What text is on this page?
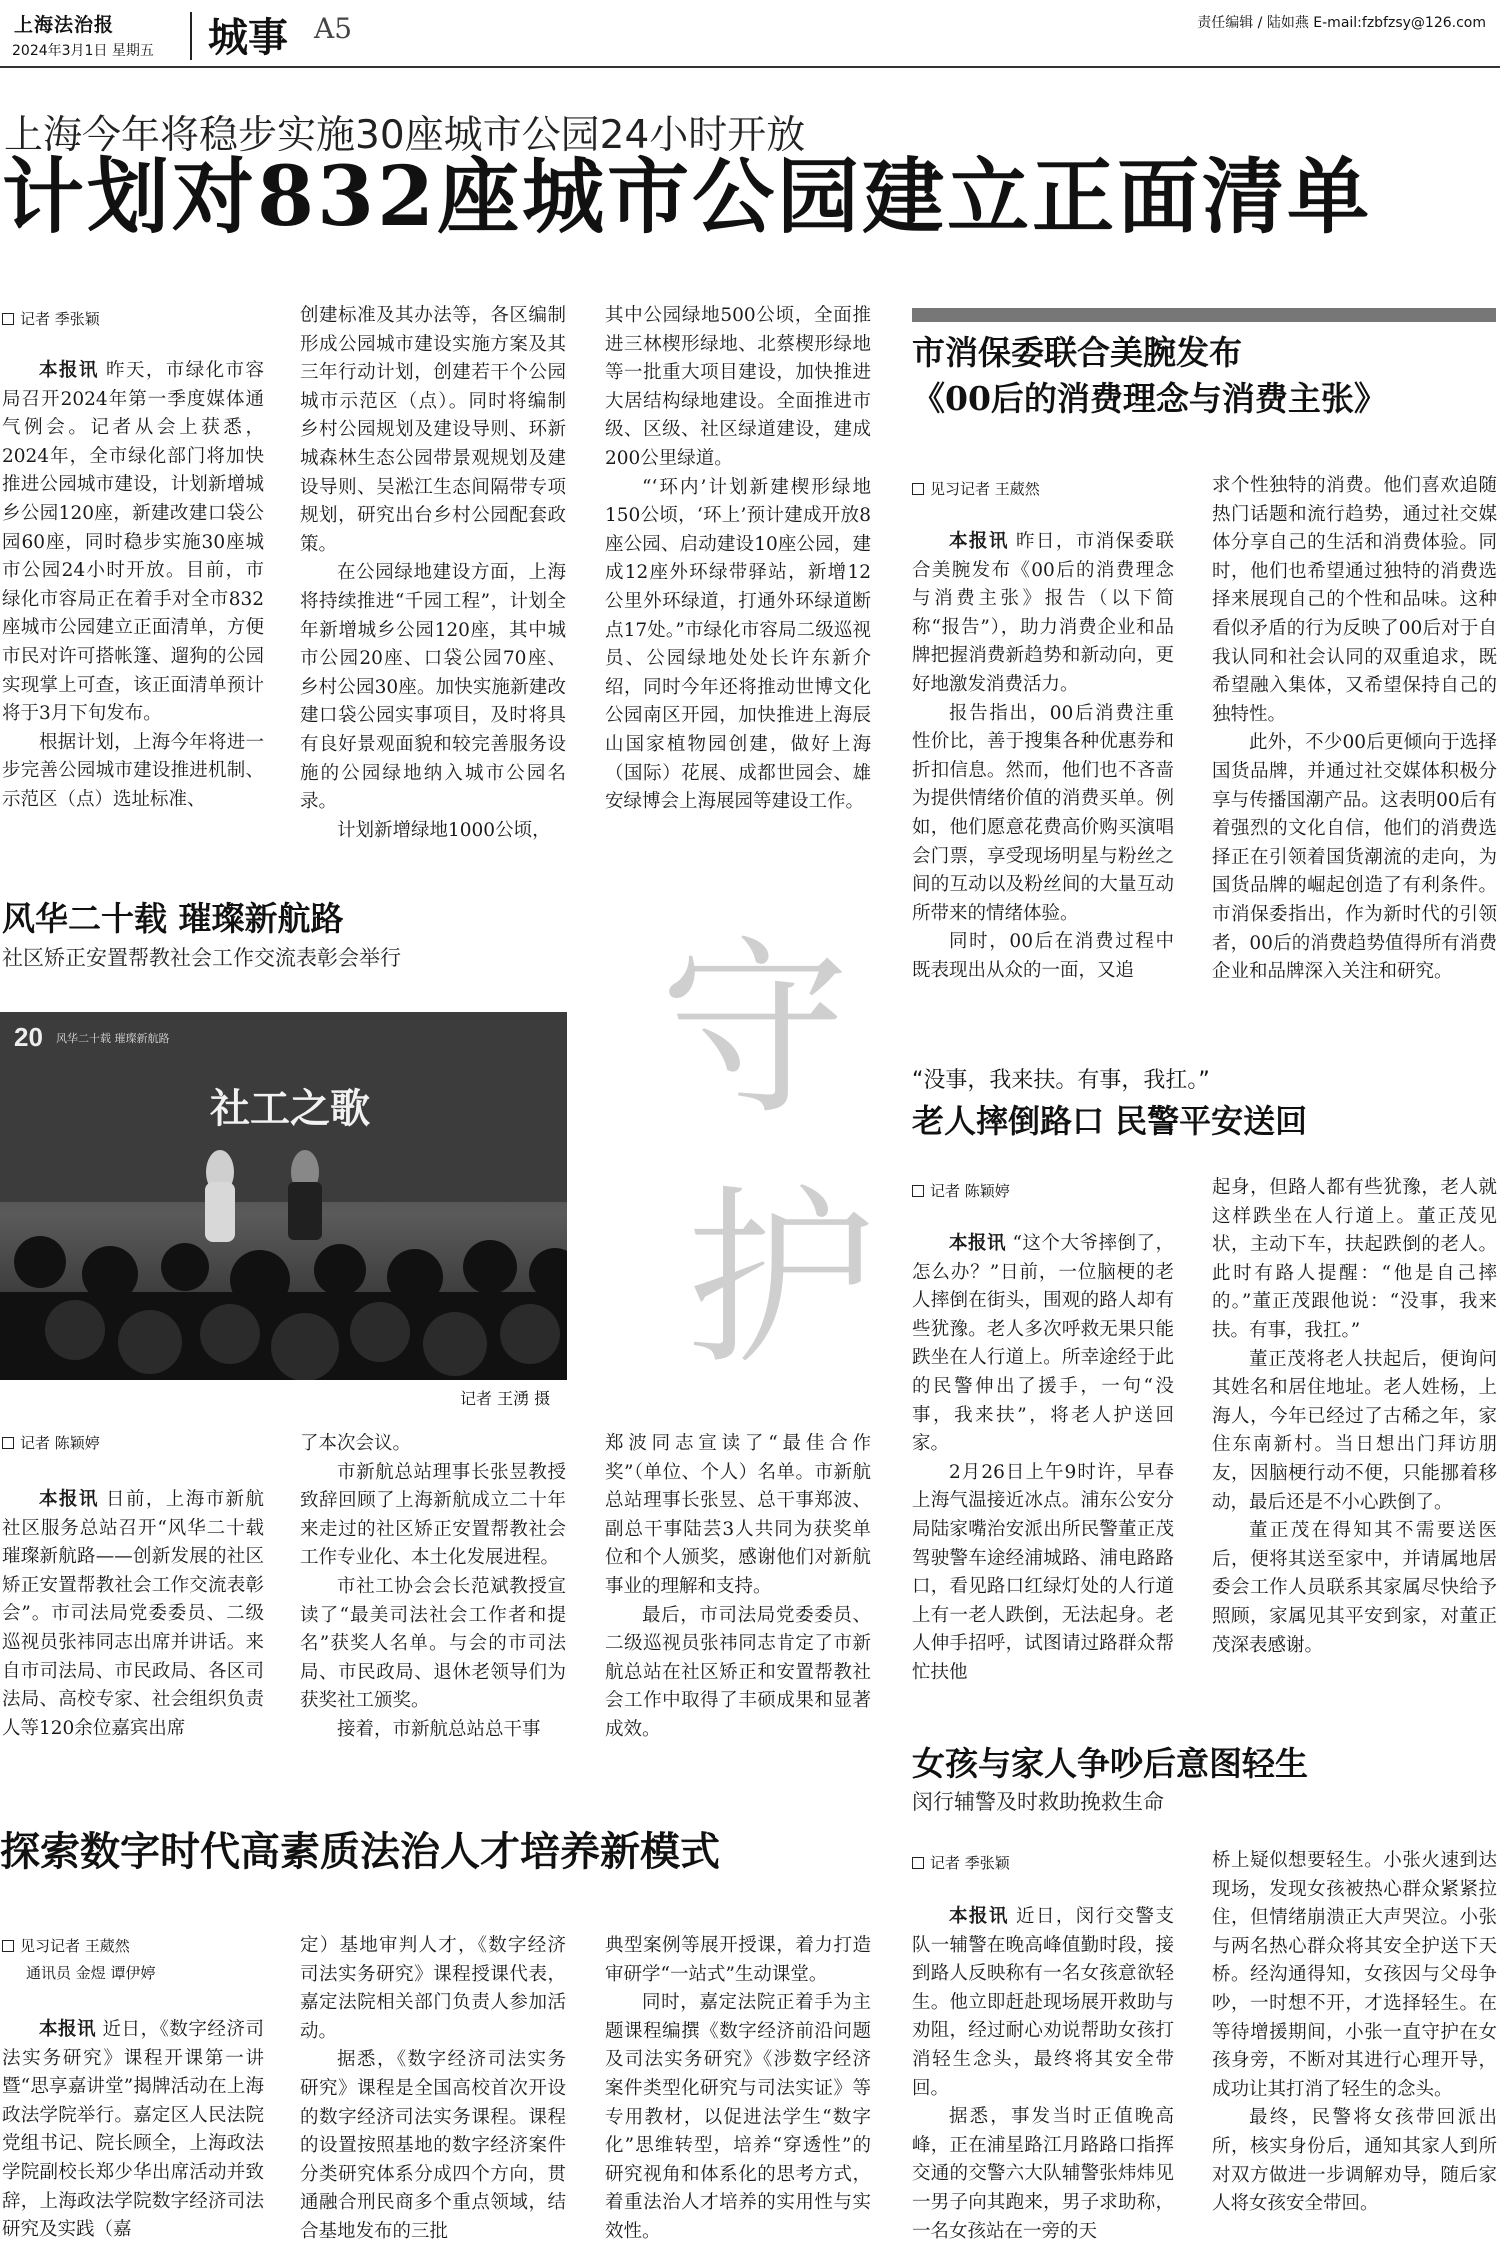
上海法治报
2024年3月1日 星期五 城事 A5	责任编辑 / 陆如燕 E-mail:fzbfzsy@126.com
上海今年将稳步实施30座城市公园24小时开放
计划对832座城市公园建立正面清单
记者 季张颖

本报讯 昨天，市绿化市容局召开2024年第一季度媒体通气例会。记者从会上获悉，2024年，全市绿化部门将加快推进公园城市建设，计划新增城乡公园120座，新建改建口袋公园60座，同时稳步实施30座城市公园24小时开放。目前，市绿化市容局正在着手对全市832座城市公园建立正面清单，方便市民对许可搭帐篷、遛狗的公园实现掌上可查，该正面清单预计将于3月下旬发布。

根据计划，上海今年将进一步完善公园城市建设推进机制、示范区（点）选址标准、

创建标准及其办法等，各区编制形成公园城市建设实施方案及其三年行动计划，创建若干个公园城市示范区（点）。同时将编制乡村公园规划及建设导则、环新城森林生态公园带景观规划及建设导则、吴淞江生态间隔带专项规划，研究出台乡村公园配套政策。

在公园绿地建设方面，上海将持续推进“千园工程”，计划全年新增城乡公园120座，其中城市公园20座、口袋公园70座、乡村公园30座。加快实施新建改建口袋公园实事项目，及时将具有良好景观面貌和较完善服务设施的公园绿地纳入城市公园名录。

计划新增绿地1000公顷，

其中公园绿地500公顷，全面推进三林楔形绿地、北蔡楔形绿地等一批重大项目建设，加快推进大居结构绿地建设。全面推进市级、区级、社区绿道建设，建成200公里绿道。

“‘环内’计划新建楔形绿地150公顷，‘环上’预计建成开放8座公园、启动建设10座公园，建成12座外环绿带驿站，新增12公里外环绿道，打通外环绿道断点17处。”市绿化市容局二级巡视员、公园绿地处处长许东新介绍，同时今年还将推动世博文化公园南区开园，加快推进上海辰山国家植物园创建，做好上海（国际）花展、成都世园会、雄安绿博会上海展园等建设工作。

市消保委联合美腕发布
《00后的消费理念与消费主张》
见习记者 王葳然

本报讯 昨日，市消保委联合美腕发布《00后的消费理念与消费主张》报告（以下简称“报告”），助力消费企业和品牌把握消费新趋势和新动向，更好地激发消费活力。

报告指出，00后消费注重性价比，善于搜集各种优惠券和折扣信息。然而，他们也不吝啬为提供情绪价值的消费买单。例如，他们愿意花费高价购买演唱会门票，享受现场明星与粉丝之间的互动以及粉丝间的大量互动所带来的情绪体验。

同时，00后在消费过程中既表现出从众的一面，又追

求个性独特的消费。他们喜欢追随热门话题和流行趋势，通过社交媒体分享自己的生活和消费体验。同时，他们也希望通过独特的消费选择来展现自己的个性和品味。这种看似矛盾的行为反映了00后对于自我认同和社会认同的双重追求，既希望融入集体，又希望保持自己的独特性。

此外，不少00后更倾向于选择国货品牌，并通过社交媒体积极分享与传播国潮产品。这表明00后有着强烈的文化自信，他们的消费选择正在引领着国货潮流的走向，为国货品牌的崛起创造了有利条件。市消保委指出，作为新时代的引领者，00后的消费趋势值得所有消费企业和品牌深入关注和研究。

风华二十载 璀璨新航路
社区矫正安置帮教社会工作交流表彰会举行
20 风华二十载 璀璨新航路
社工之歌
记者 王湧 摄
记者 陈颖婷

本报讯 日前，上海市新航社区服务总站召开“风华二十载 璀璨新航路——创新发展的社区矫正安置帮教社会工作交流表彰会”。市司法局党委委员、二级巡视员张祎同志出席并讲话。来自市司法局、市民政局、各区司法局、高校专家、社会组织负责人等120余位嘉宾出席

了本次会议。

市新航总站理事长张昱教授致辞回顾了上海新航成立二十年来走过的社区矫正安置帮教社会工作专业化、本土化发展进程。

市社工协会会长范斌教授宣读了“最美司法社会工作者和提名”获奖人名单。与会的市司法局、市民政局、退休老领导们为获奖社工颁奖。

接着，市新航总站总干事

郑波同志宣读了“最佳合作奖”（单位、个人）名单。市新航总站理事长张昱、总干事郑波、副总干事陆芸3人共同为获奖单位和个人颁奖，感谢他们对新航事业的理解和支持。

最后，市司法局党委委员、二级巡视员张祎同志肯定了市新航总站在社区矫正和安置帮教社会工作中取得了丰硕成果和显著成效。

守
护
“没事，我来扶。有事，我扛。”
老人摔倒路口 民警平安送回
记者 陈颖婷

本报讯 “这个大爷摔倒了，怎么办？”日前，一位脑梗的老人摔倒在街头，围观的路人却有些犹豫。老人多次呼救无果只能跌坐在人行道上。所幸途经于此的民警伸出了援手，一句“没事，我来扶”，将老人护送回家。

2月26日上午9时许，早春上海气温接近冰点。浦东公安分局陆家嘴治安派出所民警董正茂驾驶警车途经浦城路、浦电路路口，看见路口红绿灯处的人行道上有一老人跌倒，无法起身。老人伸手招呼，试图请过路群众帮忙扶他

起身，但路人都有些犹豫，老人就这样跌坐在人行道上。董正茂见状，主动下车，扶起跌倒的老人。此时有路人提醒：“他是自己摔的。”董正茂跟他说：“没事，我来扶。有事，我扛。”

董正茂将老人扶起后，便询问其姓名和居住地址。老人姓杨，上海人，今年已经过了古稀之年，家住东南新村。当日想出门拜访朋友，因脑梗行动不便，只能挪着移动，最后还是不小心跌倒了。

董正茂在得知其不需要送医后，便将其送至家中，并请属地居委会工作人员联系其家属尽快给予照顾，家属见其平安到家，对董正茂深表感谢。

探索数字时代高素质法治人才培养新模式
见习记者 王葳然
通讯员 金煜 谭伊婷

本报讯 近日，《数字经济司法实务研究》课程开课第一讲暨“思享嘉讲堂”揭牌活动在上海政法学院举行。嘉定区人民法院党组书记、院长顾全，上海政法学院副校长郑少华出席活动并致辞，上海政法学院数字经济司法研究及实践（嘉

定）基地审判人才，《数字经济司法实务研究》课程授课代表，嘉定法院相关部门负责人参加活动。

据悉，《数字经济司法实务研究》课程是全国高校首次开设的数字经济司法实务课程。课程的设置按照基地的数字经济案件分类研究体系分成四个方向，贯通融合刑民商多个重点领域，结合基地发布的三批

典型案例等展开授课，着力打造审研学“一站式”生动课堂。

同时，嘉定法院正着手为主题课程编撰《数字经济前沿问题及司法实务研究》《涉数字经济案件类型化研究与司法实证》等专用教材，以促进法学生“数字化”思维转型，培养“穿透性”的研究视角和体系化的思考方式，着重法治人才培养的实用性与实效性。

女孩与家人争吵后意图轻生
闵行辅警及时救助挽救生命
记者 季张颖

本报讯 近日，闵行交警支队一辅警在晚高峰值勤时段，接到路人反映称有一名女孩意欲轻生。他立即赶赴现场展开救助与劝阻，经过耐心劝说帮助女孩打消轻生念头，最终将其安全带回。

据悉，事发当时正值晚高峰，正在浦星路江月路路口指挥交通的交警六大队辅警张炜炜见一男子向其跑来，男子求助称，一名女孩站在一旁的天

桥上疑似想要轻生。小张火速到达现场，发现女孩被热心群众紧紧拉住，但情绪崩溃正大声哭泣。小张与两名热心群众将其安全护送下天桥。经沟通得知，女孩因与父母争吵，一时想不开，才选择轻生。在等待增援期间，小张一直守护在女孩身旁，不断对其进行心理开导，成功让其打消了轻生的念头。

最终，民警将女孩带回派出所，核实身份后，通知其家人到所对双方做进一步调解劝导，随后家人将女孩安全带回。
